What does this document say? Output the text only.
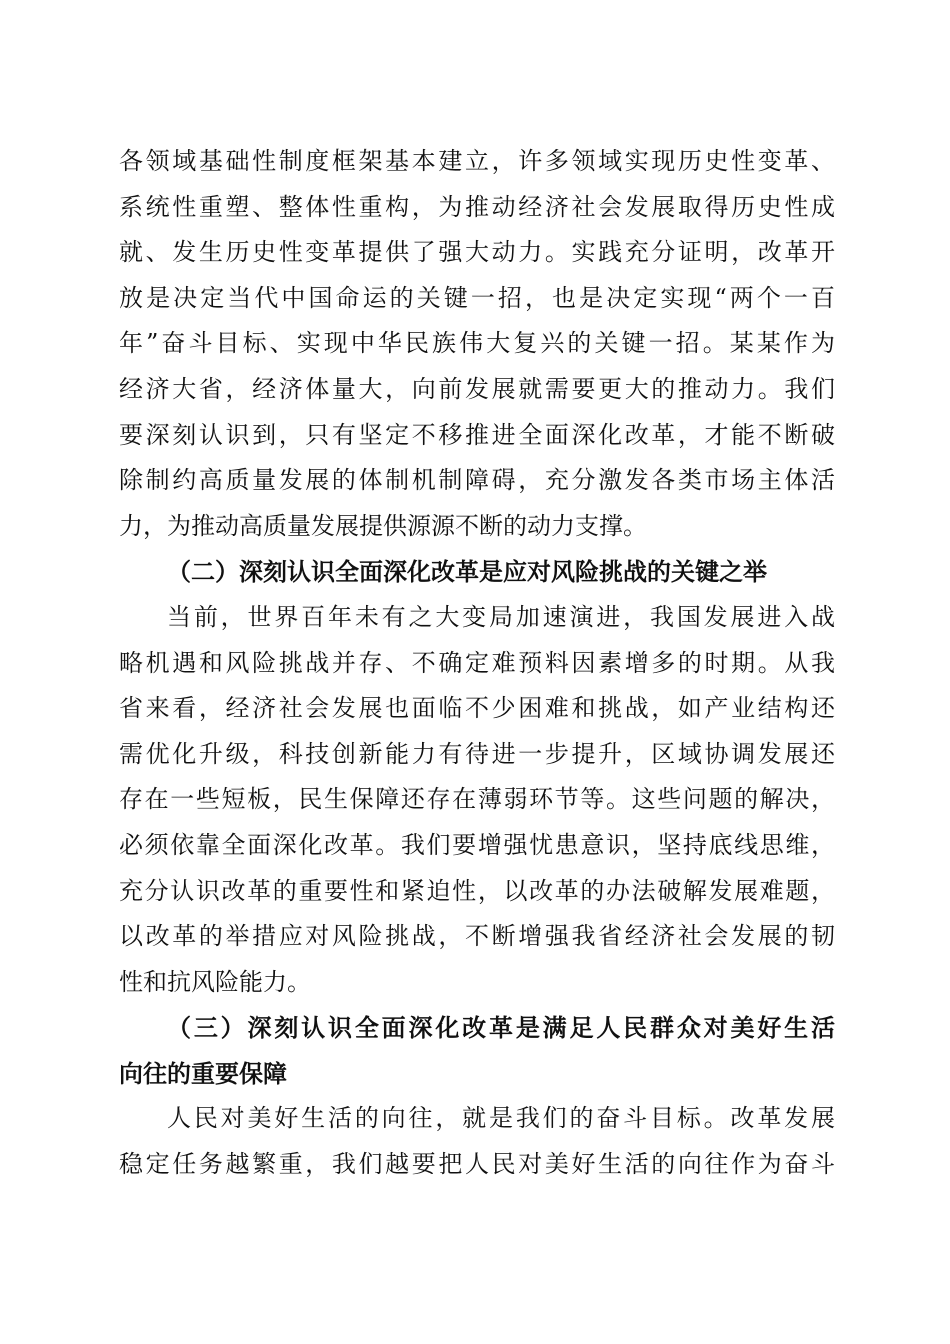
各领域基础性制度框架基本建立，许多领域实现历史性变革、
系统性重塑、整体性重构，为推动经济社会发展取得历史性成
就、发生历史性变革提供了强大动力。实践充分证明，改革开
放是决定当代中国命运的关键一招，也是决定实现“两个一百
年”奋斗目标、实现中华民族伟大复兴的关键一招。某某作为
经济大省，经济体量大，向前发展就需要更大的推动力。我们
要深刻认识到，只有坚定不移推进全面深化改革，才能不断破
除制约高质量发展的体制机制障碍，充分激发各类市场主体活
力，为推动高质量发展提供源源不断的动力支撑。
（二）深刻认识全面深化改革是应对风险挑战的关键之举
当前，世界百年未有之大变局加速演进，我国发展进入战
略机遇和风险挑战并存、不确定难预料因素增多的时期。从我
省来看，经济社会发展也面临不少困难和挑战，如产业结构还
需优化升级，科技创新能力有待进一步提升，区域协调发展还
存在一些短板，民生保障还存在薄弱环节等。这些问题的解决，
必须依靠全面深化改革。我们要增强忧患意识，坚持底线思维，
充分认识改革的重要性和紧迫性，以改革的办法破解发展难题，
以改革的举措应对风险挑战，不断增强我省经济社会发展的韧
性和抗风险能力。
（三）深刻认识全面深化改革是满足人民群众对美好生活
向往的重要保障
人民对美好生活的向往，就是我们的奋斗目标。改革发展
稳定任务越繁重，我们越要把人民对美好生活的向往作为奋斗
